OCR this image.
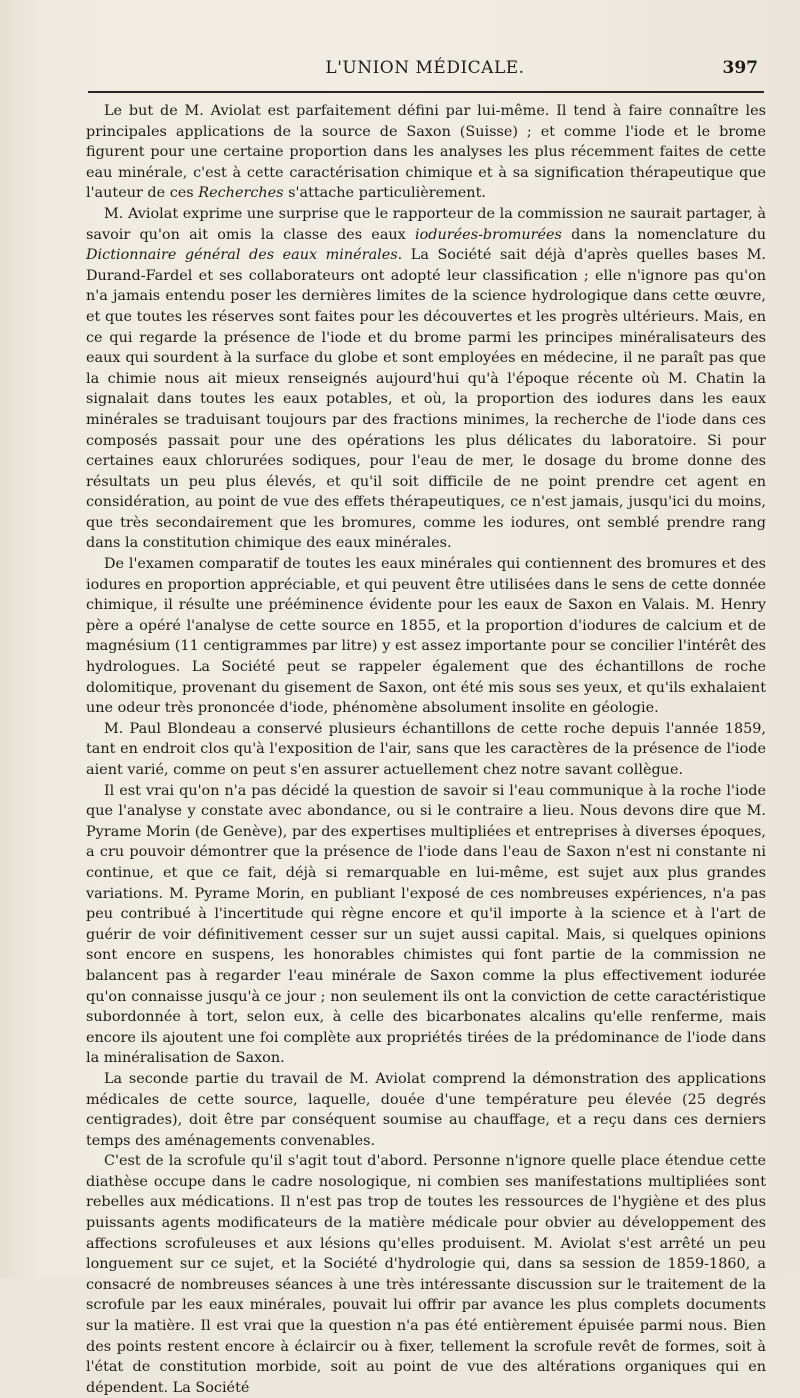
L'UNION MÉDICALE.	397

Le but de M. Aviolat est parfaitement défini par lui-même. Il tend à faire connaître les principales applications de la source de Saxon (Suisse) ; et comme l'iode et le brome figurent pour une certaine proportion dans les analyses les plus récemment faites de cette eau minérale, c'est à cette caractérisation chimique et à sa signification thérapeutique que l'auteur de ces Recherches s'attache particulièrement.

M. Aviolat exprime une surprise que le rapporteur de la commission ne saurait partager, à savoir qu'on ait omis la classe des eaux iodurées-bromurées dans la nomenclature du Dictionnaire général des eaux minérales. La Société sait déjà d'après quelles bases M. Durand-Fardel et ses collaborateurs ont adopté leur classification ; elle n'ignore pas qu'on n'a jamais entendu poser les dernières limites de la science hydrologique dans cette œuvre, et que toutes les réserves sont faites pour les découvertes et les progrès ultérieurs. Mais, en ce qui regarde la présence de l'iode et du brome parmi les principes minéralisateurs des eaux qui sourdent à la surface du globe et sont employées en médecine, il ne paraît pas que la chimie nous ait mieux renseignés aujourd'hui qu'à l'époque récente où M. Chatin la signalait dans toutes les eaux potables, et où, la proportion des iodures dans les eaux minérales se traduisant toujours par des fractions minimes, la recherche de l'iode dans ces composés passait pour une des opérations les plus délicates du laboratoire. Si pour certaines eaux chlorurées sodiques, pour l'eau de mer, le dosage du brome donne des résultats un peu plus élevés, et qu'il soit difficile de ne point prendre cet agent en considération, au point de vue des effets thérapeutiques, ce n'est jamais, jusqu'ici du moins, que très secondairement que les bromures, comme les iodures, ont semblé prendre rang dans la constitution chimique des eaux minérales.

De l'examen comparatif de toutes les eaux minérales qui contiennent des bromures et des iodures en proportion appréciable, et qui peuvent être utilisées dans le sens de cette donnée chimique, il résulte une prééminence évidente pour les eaux de Saxon en Valais. M. Henry père a opéré l'analyse de cette source en 1855, et la proportion d'iodures de calcium et de magnésium (11 centigrammes par litre) y est assez importante pour se concilier l'intérêt des hydrologues. La Société peut se rappeler également que des échantillons de roche dolomitique, provenant du gisement de Saxon, ont été mis sous ses yeux, et qu'ils exhalaient une odeur très prononcée d'iode, phénomène absolument insolite en géologie.

M. Paul Blondeau a conservé plusieurs échantillons de cette roche depuis l'année 1859, tant en endroit clos qu'à l'exposition de l'air, sans que les caractères de la présence de l'iode aient varié, comme on peut s'en assurer actuellement chez notre savant collègue.

Il est vrai qu'on n'a pas décidé la question de savoir si l'eau communique à la roche l'iode que l'analyse y constate avec abondance, ou si le contraire a lieu. Nous devons dire que M. Pyrame Morin (de Genève), par des expertises multipliées et entreprises à diverses époques, a cru pouvoir démontrer que la présence de l'iode dans l'eau de Saxon n'est ni constante ni continue, et que ce fait, déjà si remarquable en lui-même, est sujet aux plus grandes variations. M. Pyrame Morin, en publiant l'exposé de ces nombreuses expériences, n'a pas peu contribué à l'incertitude qui règne encore et qu'il importe à la science et à l'art de guérir de voir définitivement cesser sur un sujet aussi capital. Mais, si quelques opinions sont encore en suspens, les honorables chimistes qui font partie de la commission ne balancent pas à regarder l'eau minérale de Saxon comme la plus effectivement iodurée qu'on connaisse jusqu'à ce jour ; non seulement ils ont la conviction de cette caractéristique subordonnée à tort, selon eux, à celle des bicarbonates alcalins qu'elle renferme, mais encore ils ajoutent une foi complète aux propriétés tirées de la prédominance de l'iode dans la minéralisation de Saxon.

La seconde partie du travail de M. Aviolat comprend la démonstration des applications médicales de cette source, laquelle, douée d'une température peu élevée (25 degrés centigrades), doit être par conséquent soumise au chauffage, et a reçu dans ces derniers temps des aménagements convenables.

C'est de la scrofule qu'il s'agit tout d'abord. Personne n'ignore quelle place étendue cette diathèse occupe dans le cadre nosologique, ni combien ses manifestations multipliées sont rebelles aux médications. Il n'est pas trop de toutes les ressources de l'hygiène et des plus puissants agents modificateurs de la matière médicale pour obvier au développement des affections scrofuleuses et aux lésions qu'elles produisent. M. Aviolat s'est arrêté un peu longuement sur ce sujet, et la Société d'hydrologie qui, dans sa session de 1859-1860, a consacré de nombreuses séances à une très intéressante discussion sur le traitement de la scrofule par les eaux minérales, pouvait lui offrir par avance les plus complets documents sur la matière. Il est vrai que la question n'a pas été entièrement épuisée parmi nous. Bien des points restent encore à éclaircir ou à fixer, tellement la scrofule revêt de formes, soit à l'état de constitution morbide, soit au point de vue des altérations organiques qui en dépendent. La Société
